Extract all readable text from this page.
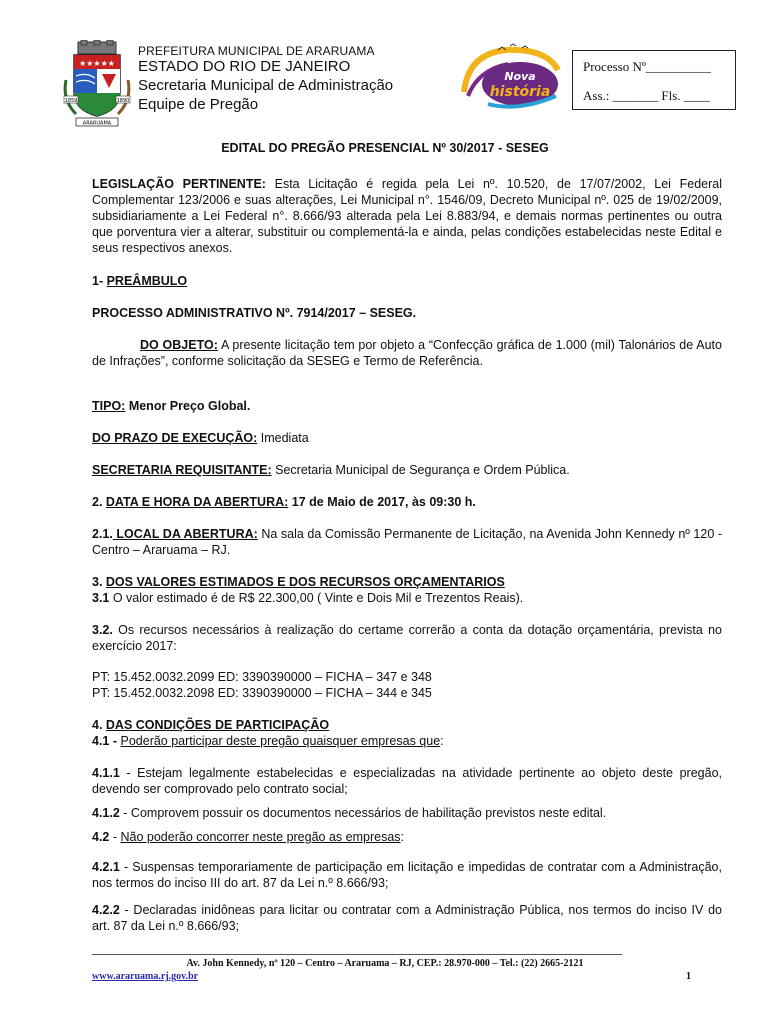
★★★★★
1859	1890
ARARUAMA
PREFEITURA MUNICIPAL DE ARARUAMA
ESTADO DO RIO DE JANEIRO
Secretaria Municipal de Administração
Equipe de Pregão
Nova
história
Processo Nº__________
Ass.: _______ Fls. ____
EDITAL DO PREGÃO PRESENCIAL Nº 30/2017 - SESEG
LEGISLAÇÃO PERTINENTE: Esta Licitação é regida pela Lei nº. 10.520, de 17/07/2002, Lei Federal Complementar 123/2006 e suas alterações, Lei Municipal n°. 1546/09, Decreto Municipal nº. 025 de 19/02/2009, subsidiariamente a Lei Federal n°. 8.666/93 alterada pela Lei 8.883/94, e demais normas pertinentes ou outra que porventura vier a alterar, substituir ou complementá-la e ainda, pelas condições estabelecidas neste Edital e seus respectivos anexos.
1- PREÂMBULO
PROCESSO ADMINISTRATIVO Nº. 7914/2017 – SESEG.
DO OBJETO: A presente licitação tem por objeto a “Confecção gráfica de 1.000 (mil) Talonários de Auto de Infrações”, conforme solicitação da SESEG e Termo de Referência.
TIPO: Menor Preço Global.
DO PRAZO DE EXECUÇÃO: Imediata
SECRETARIA REQUISITANTE: Secretaria Municipal de Segurança e Ordem Pública.
2. DATA E HORA DA ABERTURA: 17 de Maio de 2017, às 09:30 h.
2.1. LOCAL DA ABERTURA: Na sala da Comissão Permanente de Licitação, na Avenida John Kennedy nº 120 - Centro – Araruama – RJ.
3. DOS VALORES ESTIMADOS E DOS RECURSOS ORÇAMENTARIOS
3.1 O valor estimado é de R$ 22.300,00 ( Vinte e Dois Mil e Trezentos Reais).
3.2. Os recursos necessários à realização do certame correrão a conta da dotação orçamentária, prevista no exercício 2017:
PT: 15.452.0032.2099 ED: 3390390000 – FICHA – 347 e 348
PT: 15.452.0032.2098 ED: 3390390000 – FICHA – 344 e 345
4. DAS CONDIÇÕES DE PARTICIPAÇÃO
4.1 - Poderão participar deste pregão quaisquer empresas que:
4.1.1 - Estejam legalmente estabelecidas e especializadas na atividade pertinente ao objeto deste pregão, devendo ser comprovado pelo contrato social;
4.1.2 - Comprovem possuir os documentos necessários de habilitação previstos neste edital.
4.2 - Não poderão concorrer neste pregão as empresas:
4.2.1 - Suspensas temporariamente de participação em licitação e impedidas de contratar com a Administração, nos termos do inciso III do art. 87 da Lei n.º 8.666/93;
4.2.2 - Declaradas inidôneas para licitar ou contratar com a Administração Pública, nos termos do inciso IV do art. 87 da Lei n.º 8.666/93;
Av. John Kennedy, nº 120 – Centro – Araruama – RJ, CEP.: 28.970-000 – Tel.: (22) 2665-2121
www.araruama.rj.gov.br	1
